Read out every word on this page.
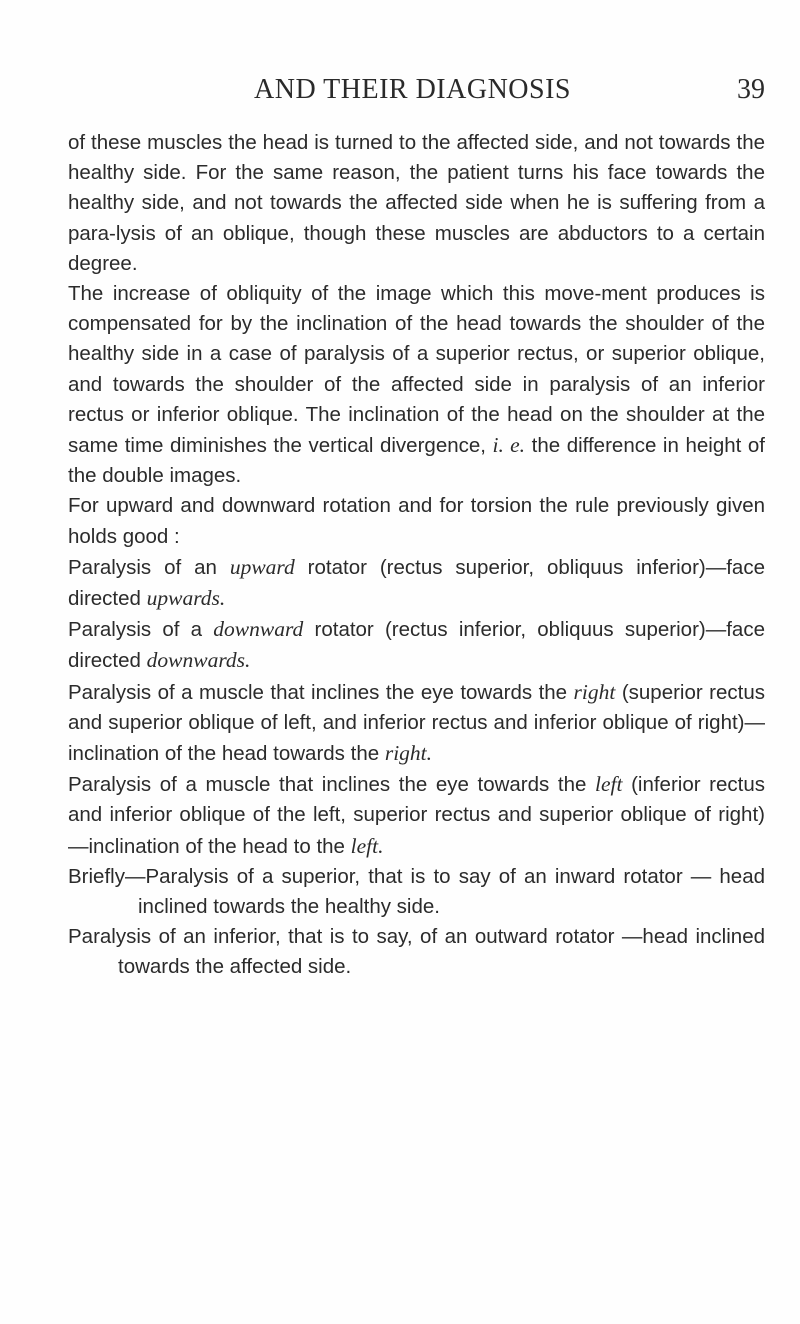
AND THEIR DIAGNOSIS	39

of these muscles the head is turned to the affected side, and not towards the healthy side. For the same reason, the patient turns his face towards the healthy side, and not towards the affected side when he is suffering from a para-lysis of an oblique, though these muscles are abductors to a certain degree.

The increase of obliquity of the image which this move-ment produces is compensated for by the inclination of the head towards the shoulder of the healthy side in a case of paralysis of a superior rectus, or superior oblique, and towards the shoulder of the affected side in paralysis of an inferior rectus or inferior oblique. The inclination of the head on the shoulder at the same time diminishes the vertical divergence, i. e. the difference in height of the double images.

For upward and downward rotation and for torsion the rule previously given holds good :

Paralysis of an upward rotator (rectus superior, obliquus inferior)—face directed upwards.

Paralysis of a downward rotator (rectus inferior, obliquus superior)—face directed downwards.

Paralysis of a muscle that inclines the eye towards the right (superior rectus and superior oblique of left, and inferior rectus and inferior oblique of right)—inclination of the head towards the right.

Paralysis of a muscle that inclines the eye towards the left (inferior rectus and inferior oblique of the left, superior rectus and superior oblique of right)—inclination of the head to the left.

Briefly—Paralysis of a superior, that is to say of an inward rotator — head inclined towards the healthy side.

Paralysis of an inferior, that is to say, of an outward rotator —head inclined towards the affected side.
